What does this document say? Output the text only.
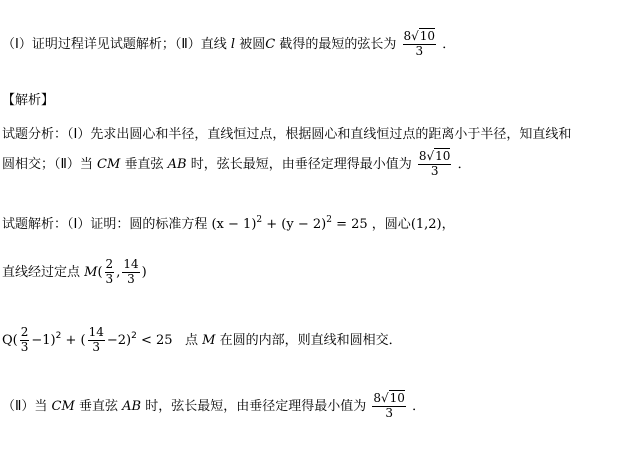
（Ⅰ）证明过程详见试题解析；（Ⅱ）直线 l 被圆C 截得的最短的弦长为 $\frac{8√10}{3}$ ．
【解析】
试题分析：（Ⅰ）先求出圆心和半径，直线恒过点，根据圆心和直线恒过点的距离小于半径，知直线和
圆相交；（Ⅱ）当 CM 垂直弦 AB 时，弦长最短，由垂径定理得最小值为 $\frac{8√10}{3}$ ．
试题解析：（Ⅰ）证明：圆的标准方程 $(x - 1)^2 + (y - 2)^2 = 25$ ，圆心(1,2)，
直线经过定点 $M( \frac{2}{3}$ , $\frac{14}{3}$ )
$Q( \frac{2}{3} -1)^2$ + ( $\frac{14}{3} -2)^2 < 25$ 点 M 在圆的内部，则直线和圆相交．
（Ⅱ）当 CM 垂直弦 AB 时，弦长最短，由垂径定理得最小值为 $\frac{8√10}{3}$ ．
